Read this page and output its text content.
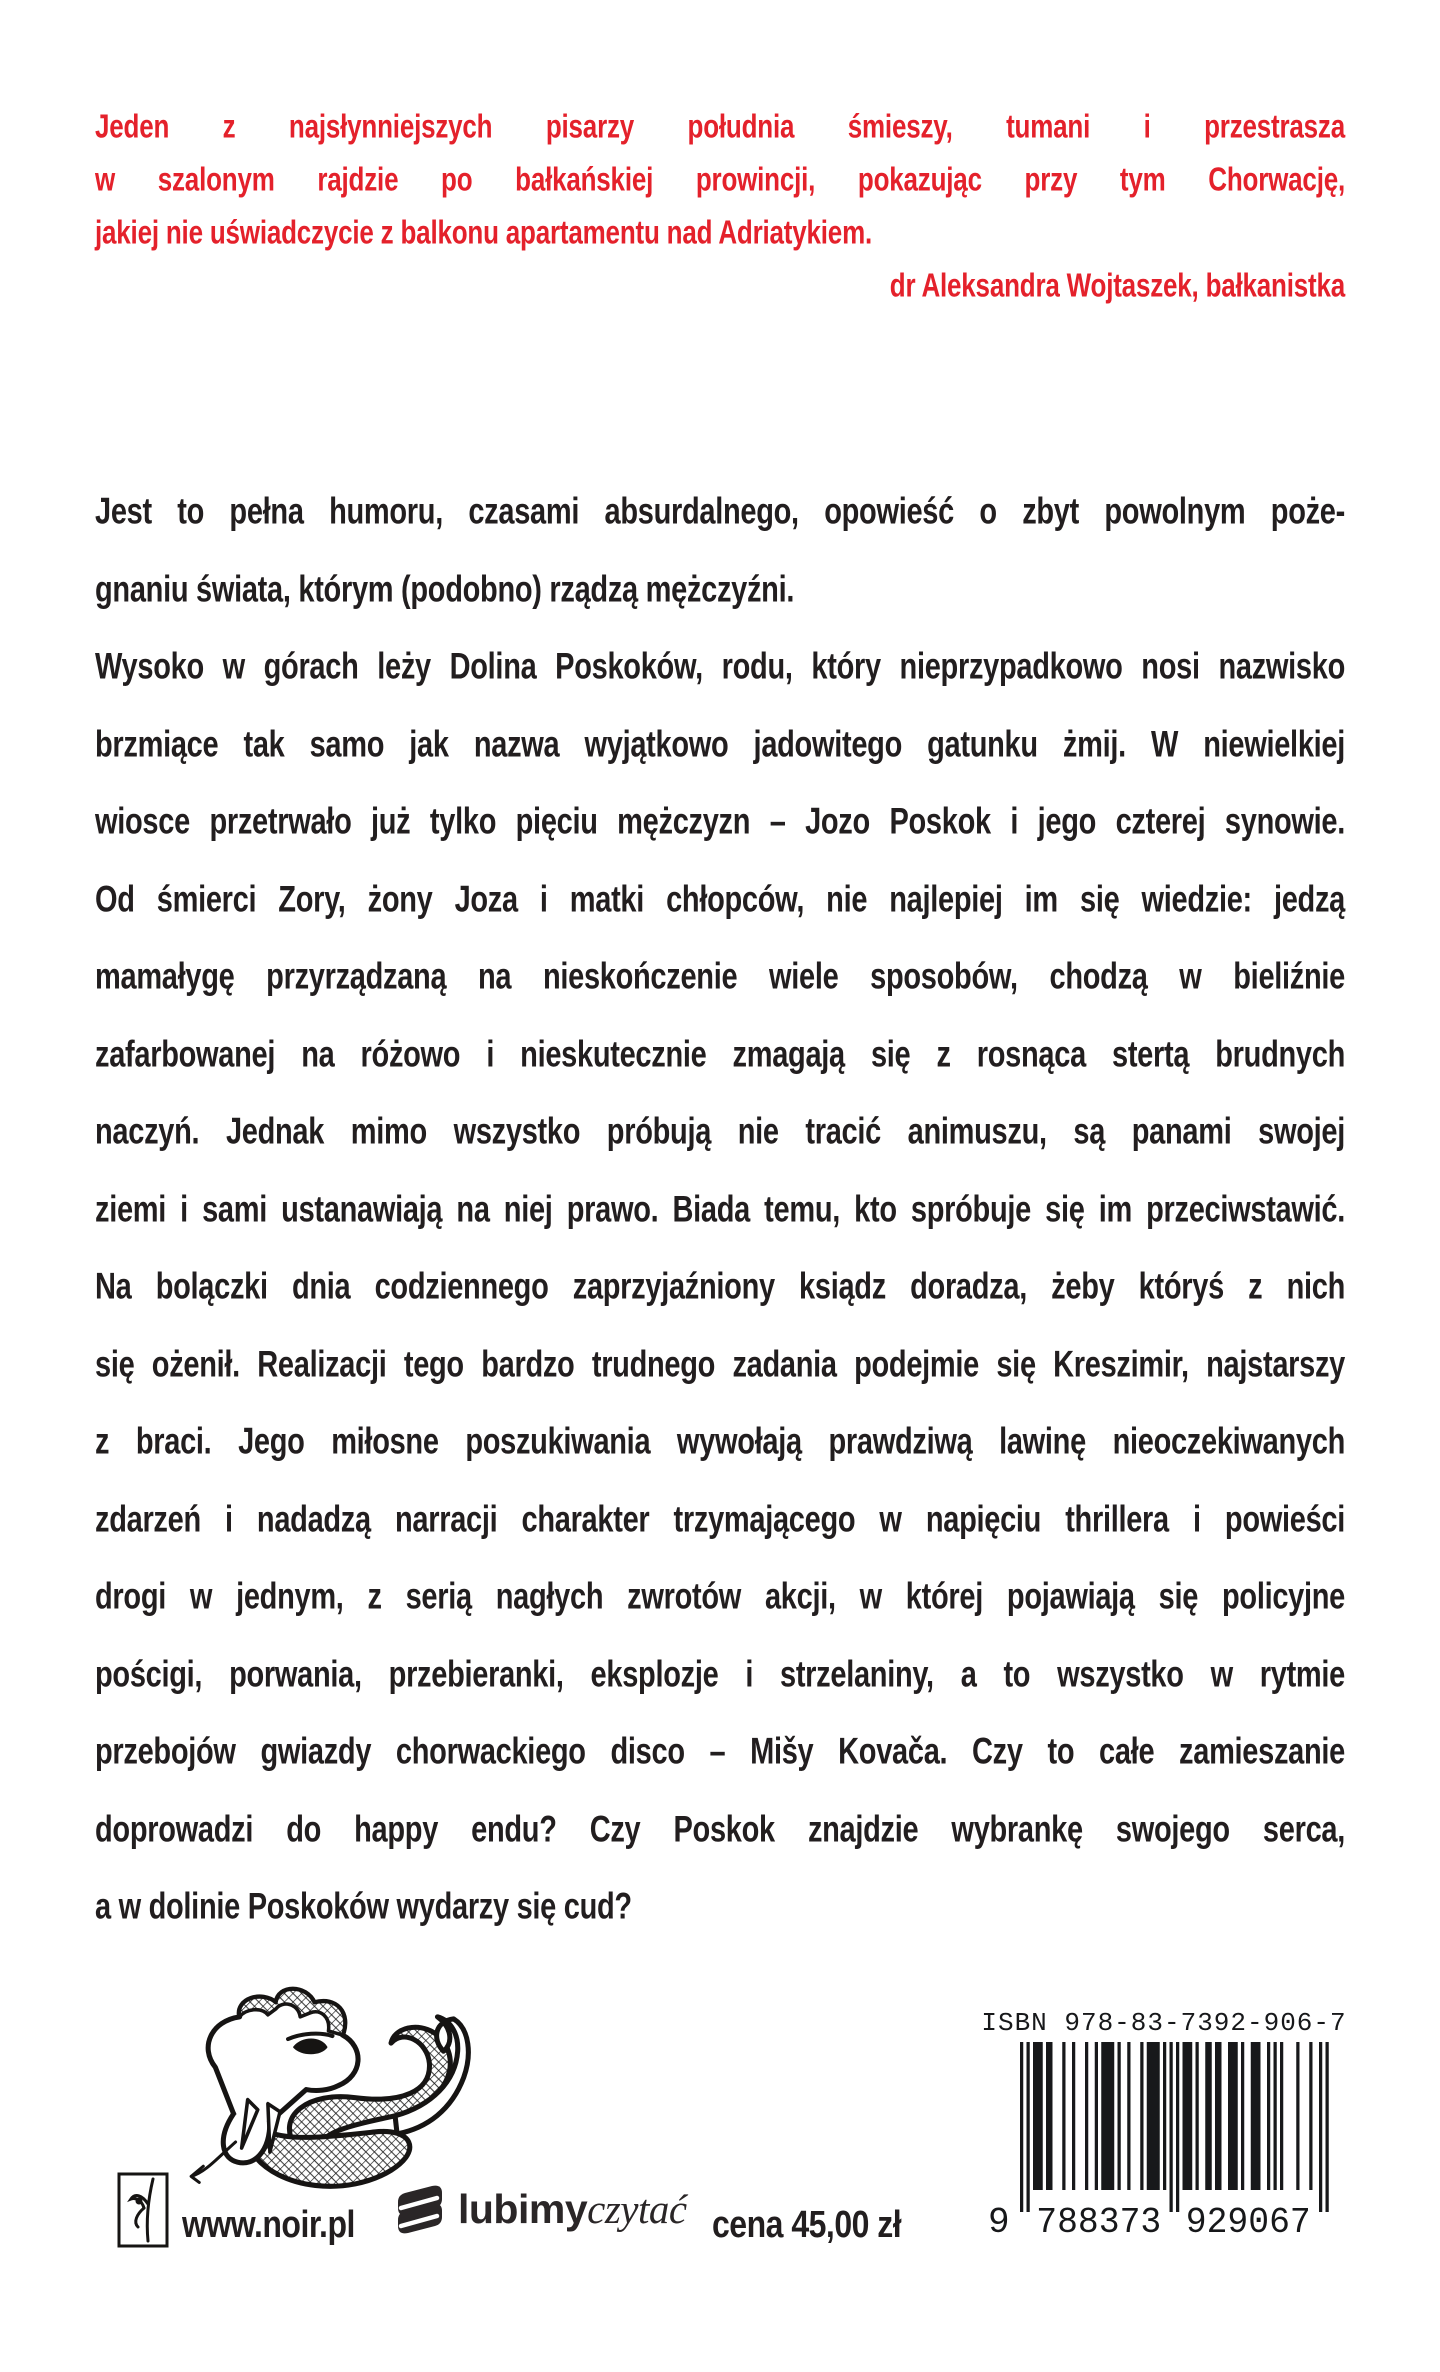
Jeden z najsłynniejszych pisarzy południa śmieszy, tumani i przestrasza
w szalonym rajdzie po bałkańskiej prowincji, pokazując przy tym Chorwację,
jakiej nie uświadczycie z balkonu apartamentu nad Adriatykiem.
dr Aleksandra Wojtaszek, bałkanistka
Jest to pełna humoru, czasami absurdalnego, opowieść o zbyt powolnym poże-
gnaniu świata, którym (podobno) rządzą mężczyźni.
Wysoko w górach leży Dolina Poskoków, rodu, który nieprzypadkowo nosi nazwisko
brzmiące tak samo jak nazwa wyjątkowo jadowitego gatunku żmij. W niewielkiej
wiosce przetrwało już tylko pięciu mężczyzn – Jozo Poskok i jego czterej synowie.
Od śmierci Zory, żony Joza i matki chłopców, nie najlepiej im się wiedzie: jedzą
mamałygę przyrządzaną na nieskończenie wiele sposobów, chodzą w bieliźnie
zafarbowanej na różowo i nieskutecznie zmagają się z rosnąca stertą brudnych
naczyń. Jednak mimo wszystko próbują nie tracić animuszu, są panami swojej
ziemi i sami ustanawiają na niej prawo. Biada temu, kto spróbuje się im przeciwstawić.
Na bolączki dnia codziennego zaprzyjaźniony ksiądz doradza, żeby któryś z nich
się ożenił. Realizacji tego bardzo trudnego zadania podejmie się Kreszimir, najstarszy
z braci. Jego miłosne poszukiwania wywołają prawdziwą lawinę nieoczekiwanych
zdarzeń i nadadzą narracji charakter trzymającego w napięciu thrillera i powieści
drogi w jednym, z serią nagłych zwrotów akcji, w której pojawiają się policyjne
pościgi, porwania, przebieranki, eksplozje i strzelaniny, a to wszystko w rytmie
przebojów gwiazdy chorwackiego disco – Mišy Kovača. Czy to całe zamieszanie
doprowadzi do happy endu? Czy Poskok znajdzie wybrankę swojego serca,
a w dolinie Poskoków wydarzy się cud?
ISBN 978-83-7392-906-7
9 788373 929067
www.noir.pl	lubimyczytać cena 45,00 zł
